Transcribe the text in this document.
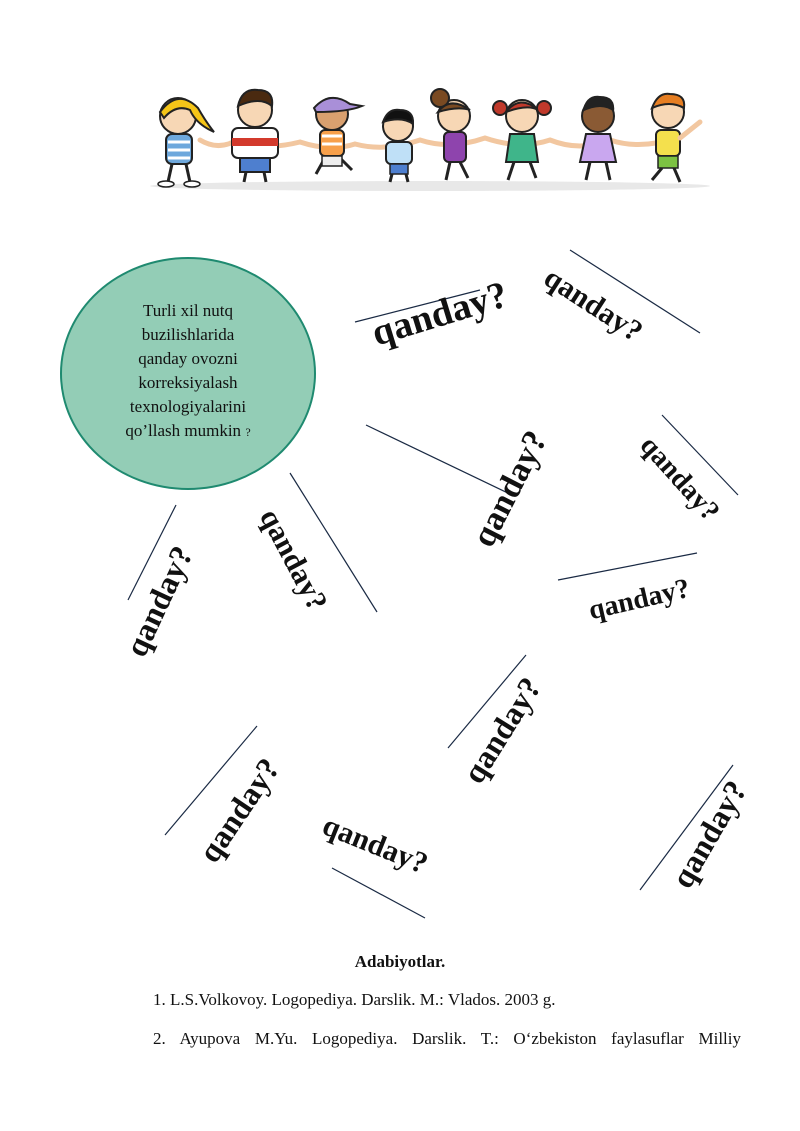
Turli xil nutq
buzilishlarida
qanday ovozni
korreksiyalash
texnologiyalarini
qo’llash mumkin ?
qanday? qanday?
qanday?	qanday?
qanday?
qanday? qanday?
qanday?
qanday? qanday?	qanday?
Adabiyotlar.
1. L.S.Volkovoy. Logopediya. Darslik. M.: Vlados. 2003 g.
2. Ayupova M.Yu. Logopediya. Darslik. T.: O‘zbekiston faylasuflar Milliy
